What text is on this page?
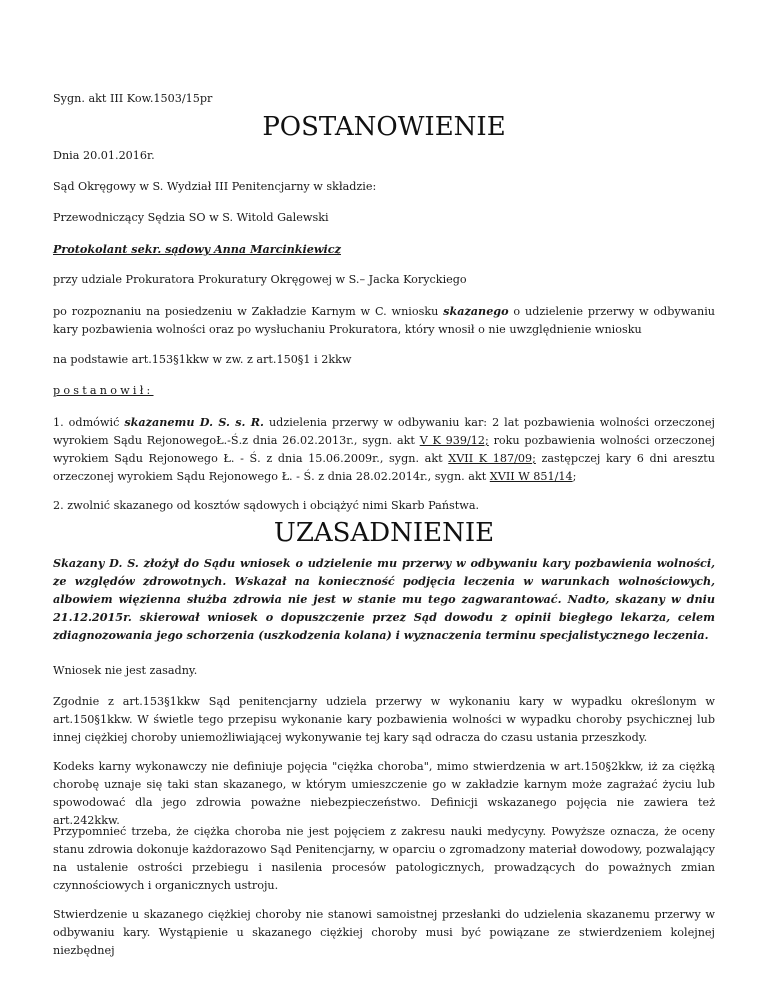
Sygn. akt III Kow.1503/15pr

POSTANOWIENIE

Dnia 20.01.2016r.

Sąd Okręgowy w S. Wydział III Penitencjarny w składzie:

Przewodniczący Sędzia SO w S. Witold Galewski

Protokolant sekr. sądowy Anna Marcinkiewicz

przy udziale Prokuratora Prokuratury Okręgowej w S.– Jacka Koryckiego

po rozpoznaniu na posiedzeniu w Zakładzie Karnym w C. wniosku skazanego o udzielenie przerwy w odbywaniu kary pozbawienia wolności oraz po wysłuchaniu Prokuratora, który wnosił o nie uwzględnienie wniosku

na podstawie art.153§1kkw w zw. z art.150§1 i 2kkw

postanowił:

1. odmówić skazanemu D. S. s. R. udzielenia przerwy w odbywaniu kar: 2 lat pozbawienia wolności orzeczonej wyrokiem Sądu RejonowegoŁ.-Ś.z dnia 26.02.2013r., sygn. akt V K 939/12; roku pozbawienia wolności orzeczonej wyrokiem Sądu Rejonowego Ł. - Ś. z dnia 15.06.2009r., sygn. akt XVII K 187/09; zastępczej kary 6 dni aresztu orzeczonej wyrokiem Sądu Rejonowego Ł. - Ś. z dnia 28.02.2014r., sygn. akt XVII W 851/14;

2. zwolnić skazanego od kosztów sądowych i obciążyć nimi Skarb Państwa.

UZASADNIENIE

Skazany D. S. złożył do Sądu wniosek o udzielenie mu przerwy w odbywaniu kary pozbawienia wolności, ze względów zdrowotnych. Wskazał na konieczność podjęcia leczenia w warunkach wolnościowych, albowiem więzienna służba zdrowia nie jest w stanie mu tego zagwarantować. Nadto, skazany w dniu 21.12.2015r. skierował wniosek o dopuszczenie przez Sąd dowodu z opinii biegłego lekarza, celem zdiagnozowania jego schorzenia (uszkodzenia kolana) i wyznaczenia terminu specjalistycznego leczenia.

Wniosek nie jest zasadny.

Zgodnie z art.153§1kkw Sąd penitencjarny udziela przerwy w wykonaniu kary w wypadku określonym w art.150§1kkw. W świetle tego przepisu wykonanie kary pozbawienia wolności w wypadku choroby psychicznej lub innej ciężkiej choroby uniemożliwiającej wykonywanie tej kary sąd odracza do czasu ustania przeszkody.

Kodeks karny wykonawczy nie definiuje pojęcia "ciężka choroba", mimo stwierdzenia w art.150§2kkw, iż za ciężką chorobę uznaje się taki stan skazanego, w którym umieszczenie go w zakładzie karnym może zagrażać życiu lub spowodować dla jego zdrowia poważne niebezpieczeństwo. Definicji wskazanego pojęcia nie zawiera też art.242kkw.

Przypomnieć trzeba, że ciężka choroba nie jest pojęciem z zakresu nauki medycyny. Powyższe oznacza, że oceny stanu zdrowia dokonuje każdorazowo Sąd Penitencjarny, w oparciu o zgromadzony materiał dowodowy, pozwalający na ustalenie ostrości przebiegu i nasilenia procesów patologicznych, prowadzących do poważnych zmian czynnościowych i organicznych ustroju.

Stwierdzenie u skazanego ciężkiej choroby nie stanowi samoistnej przesłanki do udzielenia skazanemu przerwy w odbywaniu kary. Wystąpienie u skazanego ciężkiej choroby musi być powiązane ze stwierdzeniem kolejnej niezbędnej
